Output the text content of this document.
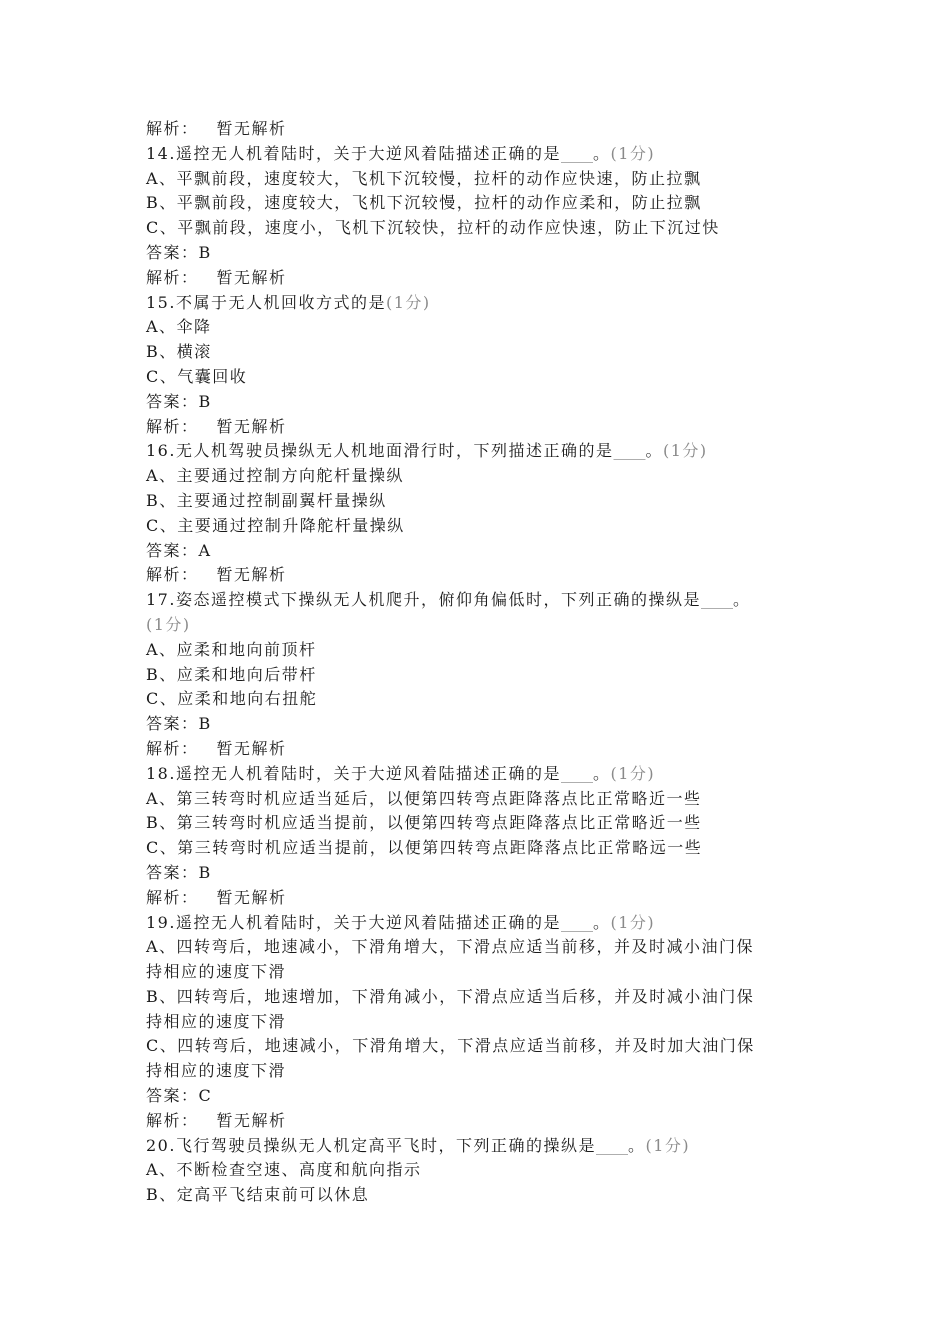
解析： 暂无解析
14.遥控无人机着陆时，关于大逆风着陆描述正确的是____。(1分)
A、平飘前段，速度较大，飞机下沉较慢，拉杆的动作应快速，防止拉飘
B、平飘前段，速度较大，飞机下沉较慢，拉杆的动作应柔和，防止拉飘
C、平飘前段，速度小，飞机下沉较快，拉杆的动作应快速，防止下沉过快
答案：B
解析： 暂无解析
15.不属于无人机回收方式的是(1分)
A、伞降
B、横滚
C、气囊回收
答案：B
解析： 暂无解析
16.无人机驾驶员操纵无人机地面滑行时，下列描述正确的是____。(1分)
A、主要通过控制方向舵杆量操纵
B、主要通过控制副翼杆量操纵
C、主要通过控制升降舵杆量操纵
答案：A
解析： 暂无解析
17.姿态遥控模式下操纵无人机爬升，俯仰角偏低时，下列正确的操纵是____。
(1分)
A、应柔和地向前顶杆
B、应柔和地向后带杆
C、应柔和地向右扭舵
答案：B
解析： 暂无解析
18.遥控无人机着陆时，关于大逆风着陆描述正确的是____。(1分)
A、第三转弯时机应适当延后，以便第四转弯点距降落点比正常略近一些
B、第三转弯时机应适当提前，以便第四转弯点距降落点比正常略近一些
C、第三转弯时机应适当提前，以便第四转弯点距降落点比正常略远一些
答案：B
解析： 暂无解析
19.遥控无人机着陆时，关于大逆风着陆描述正确的是____。(1分)
A、四转弯后，地速减小，下滑角增大，下滑点应适当前移，并及时减小油门保
持相应的速度下滑
B、四转弯后，地速增加，下滑角减小，下滑点应适当后移，并及时减小油门保
持相应的速度下滑
C、四转弯后，地速减小，下滑角增大，下滑点应适当前移，并及时加大油门保
持相应的速度下滑
答案：C
解析： 暂无解析
20.飞行驾驶员操纵无人机定高平飞时，下列正确的操纵是____。(1分)
A、不断检查空速、高度和航向指示
B、定高平飞结束前可以休息
